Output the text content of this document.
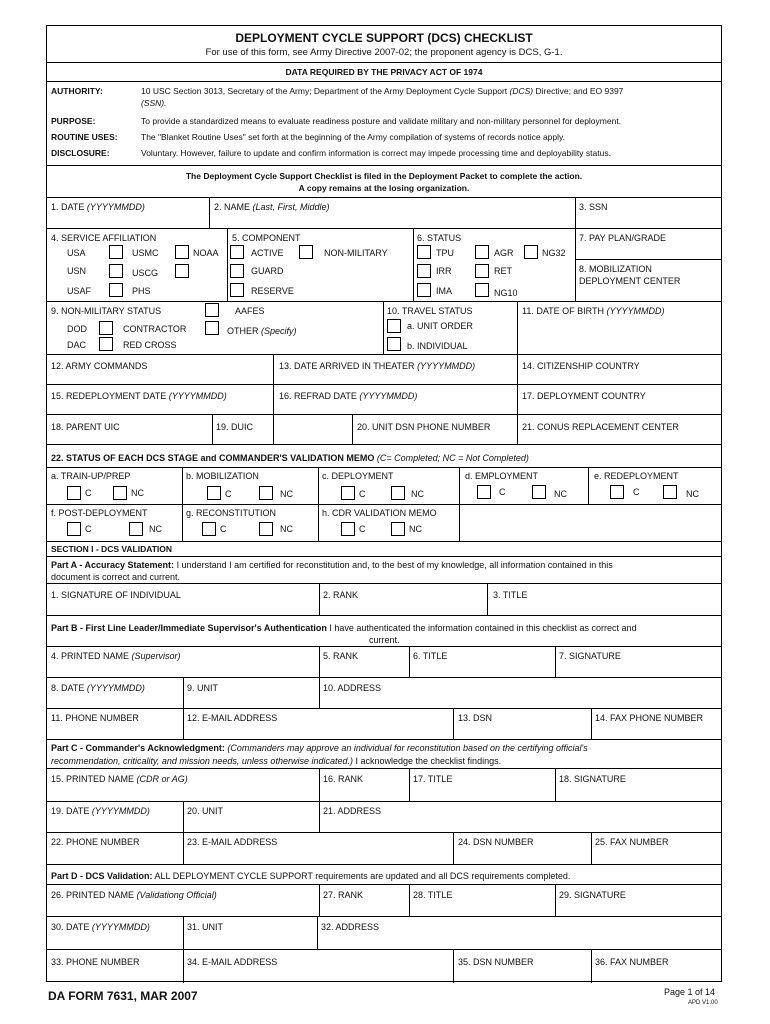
DEPLOYMENT CYCLE SUPPORT (DCS) CHECKLIST
For use of this form, see Army Directive 2007-02; the proponent agency is DCS, G-1.
DATA REQUIRED BY THE PRIVACY ACT OF 1974
AUTHORITY:	10 USC Section 3013, Secretary of the Army; Department of the Army Deployment Cycle Support (DCS) Directive; and EO 9397
(SSN).
PURPOSE:	To provide a standardized means to evaluate readiness posture and validate military and non-military personnel for deployment.
ROUTINE USES:	The "Blanket Routine Uses" set forth at the beginning of the Army compilation of systems of records notice apply.
DISCLOSURE:	Voluntary. However, failure to update and confirm information is correct may impede processing time and deployability status.
The Deployment Cycle Support Checklist is filed in the Deployment Packet to complete the action.
A copy remains at the losing organization.
1. DATE (YYYYMMDD)	2. NAME (Last, First, Middle)	3. SSN
4. SERVICE AFFILIATION
USA	USMC	NOAA
USN	USCG
USAF	PHS
5. COMPONENT
ACTIVE	NON-MILITARY
GUARD
RESERVE
6. STATUS
TPU	AGR	NG32
IRR	RET
IMA	NG10
7. PAY PLAN/GRADE
8. MOBILIZATION
DEPLOYMENT CENTER
9. NON-MILITARY STATUS	AAFES
DOD	CONTRACTOR	OTHER (Specify)
DAC	RED CROSS
10. TRAVEL STATUS
a. UNIT ORDER
b. INDIVIDUAL
11. DATE OF BIRTH (YYYYMMDD)
12. ARMY COMMANDS	13. DATE ARRIVED IN THEATER (YYYYMMDD)	14. CITIZENSHIP COUNTRY
15. REDEPLOYMENT DATE (YYYYMMDD)	16. REFRAD DATE (YYYYMMDD)	17. DEPLOYMENT COUNTRY
18. PARENT UIC	19. DUIC	20. UNIT DSN PHONE NUMBER	21. CONUS REPLACEMENT CENTER
22. STATUS OF EACH DCS STAGE and COMMANDER'S VALIDATION MEMO (C= Completed; NC = Not Completed)
a. TRAIN-UP/PREP	b. MOBILIZATION	c. DEPLOYMENT	d. EMPLOYMENT	e. REDEPLOYMENT
C	NC	C	NC	C	NC	C	NC	C	NC
f. POST-DEPLOYMENT	g. RECONSTITUTION	h. CDR VALIDATION MEMO
C	NC	C	NC	C	NC
SECTION I - DCS VALIDATION
Part A - Accuracy Statement: I understand I am certified for reconstitution and, to the best of my knowledge, all information contained in this
document is correct and current.
1. SIGNATURE OF INDIVIDUAL	2. RANK	3. TITLE
Part B - First Line Leader/Immediate Supervisor's Authentication I have authenticated the information contained in this checklist as correct and
current.
4. PRINTED NAME (Supervisor)	5. RANK	6. TITLE	7. SIGNATURE
8. DATE (YYYYMMDD)	9. UNIT	10. ADDRESS
11. PHONE NUMBER	12. E-MAIL ADDRESS	13. DSN	14. FAX PHONE NUMBER
Part C - Commander's Acknowledgment: (Commanders may approve an individual for reconstitution based on the certifying official's
recommendation, criticality, and mission needs, unless otherwise indicated.) I acknowledge the checklist findings.
15. PRINTED NAME (CDR or AG)	16. RANK	17. TITLE	18. SIGNATURE
19. DATE (YYYYMMDD)	20. UNIT	21. ADDRESS
22. PHONE NUMBER	23. E-MAIL ADDRESS	24. DSN NUMBER	25. FAX NUMBER
Part D - DCS Validation: ALL DEPLOYMENT CYCLE SUPPORT requirements are updated and all DCS requirements completed.
26. PRINTED NAME (Validationg Official)	27. RANK	28. TITLE	29. SIGNATURE
30. DATE (YYYYMMDD)	31. UNIT	32. ADDRESS
33. PHONE NUMBER	34. E-MAIL ADDRESS	35. DSN NUMBER	36. FAX NUMBER
DA FORM 7631, MAR 2007	Page 1 of 14
APD V1.00
